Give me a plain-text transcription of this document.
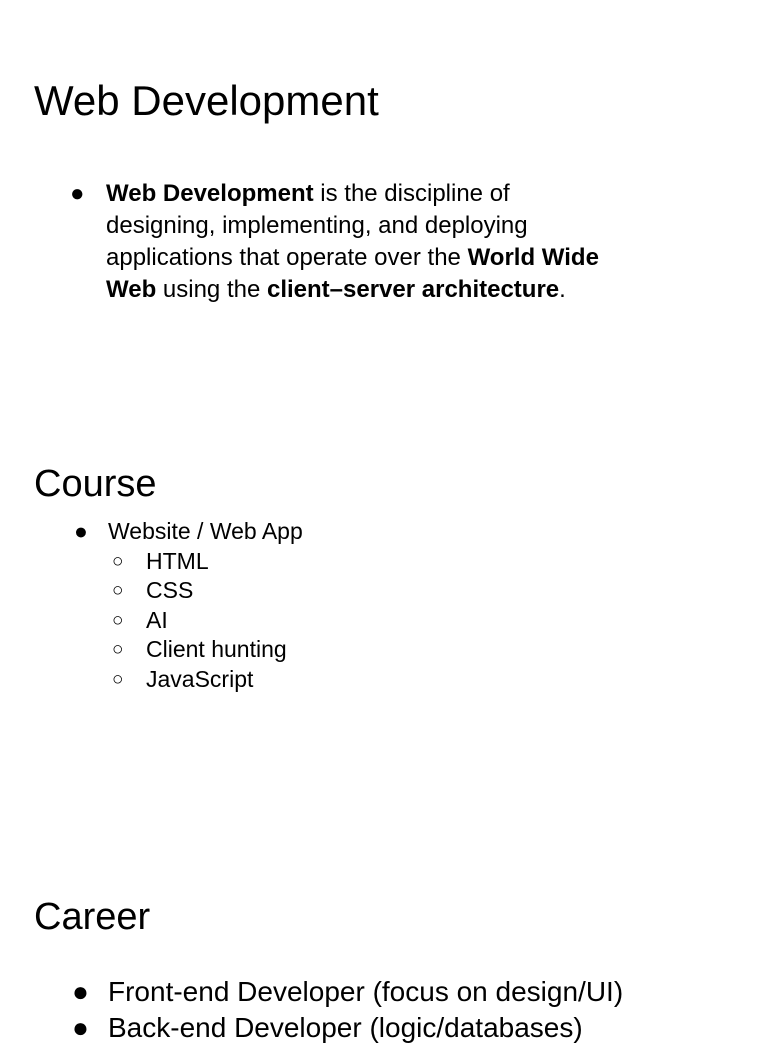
Web Development
● Web Development is the discipline of designing, implementing, and deploying applications that operate over the World Wide Web using the client–server architecture.
Course
● Website / Web App
○ HTML
○ CSS
○ AI
○ Client hunting
○ JavaScript
Career
● Front-end Developer (focus on design/UI)
● Back-end Developer (logic/databases)
